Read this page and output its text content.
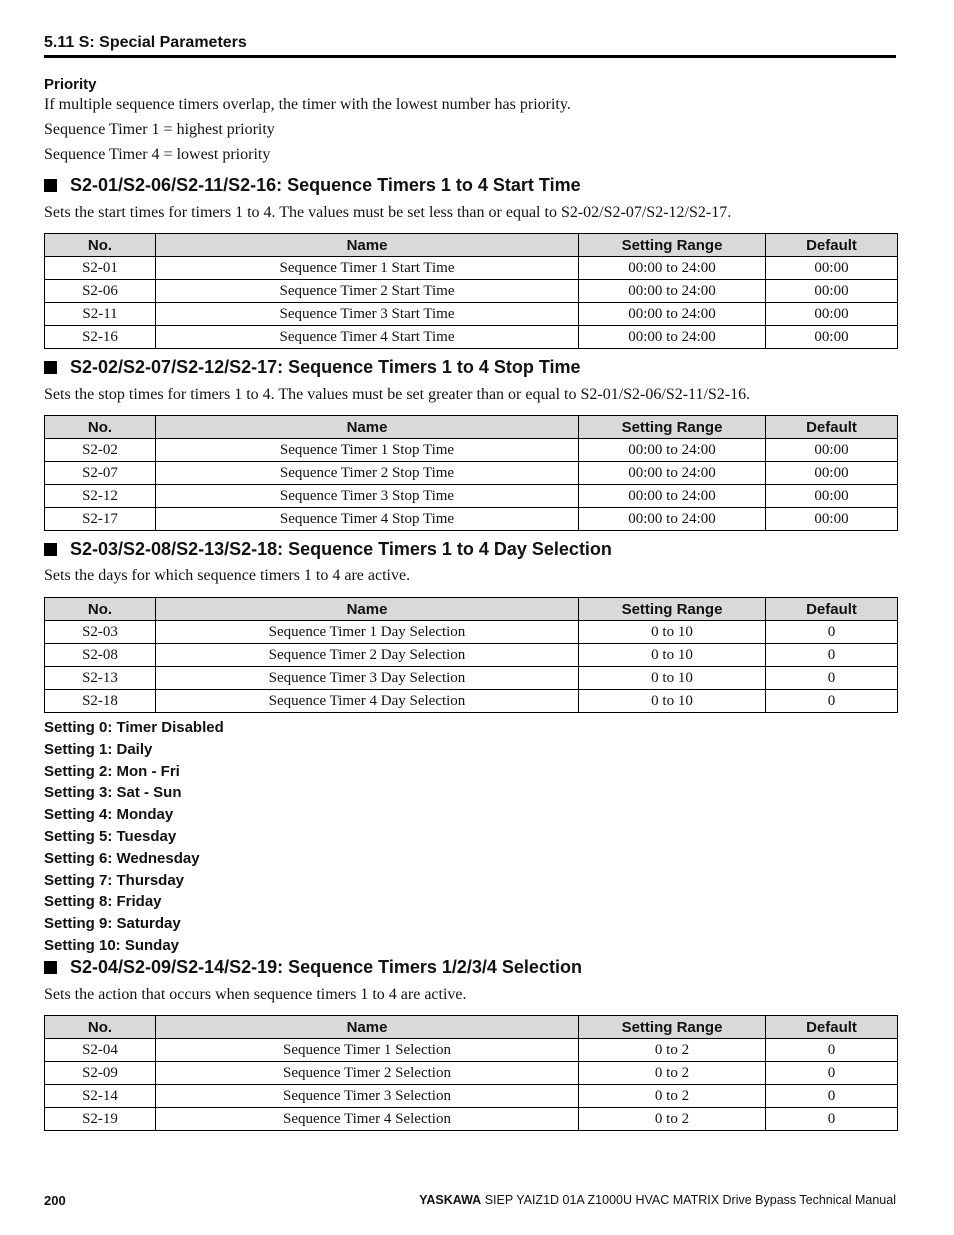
5.11 S: Special Parameters
Priority
If multiple sequence timers overlap, the timer with the lowest number has priority.
Sequence Timer 1 = highest priority
Sequence Timer 4 = lowest priority
S2-01/S2-06/S2-11/S2-16: Sequence Timers 1 to 4 Start Time
Sets the start times for timers 1 to 4. The values must be set less than or equal to S2-02/S2-07/S2-12/S2-17.
No.	Name	Setting Range	Default
S2-01	Sequence Timer 1 Start Time	00:00 to 24:00	00:00
S2-06	Sequence Timer 2 Start Time	00:00 to 24:00	00:00
S2-11	Sequence Timer 3 Start Time	00:00 to 24:00	00:00
S2-16	Sequence Timer 4 Start Time	00:00 to 24:00	00:00
S2-02/S2-07/S2-12/S2-17: Sequence Timers 1 to 4 Stop Time
Sets the stop times for timers 1 to 4. The values must be set greater than or equal to S2-01/S2-06/S2-11/S2-16.
No.	Name	Setting Range	Default
S2-02	Sequence Timer 1 Stop Time	00:00 to 24:00	00:00
S2-07	Sequence Timer 2 Stop Time	00:00 to 24:00	00:00
S2-12	Sequence Timer 3 Stop Time	00:00 to 24:00	00:00
S2-17	Sequence Timer 4 Stop Time	00:00 to 24:00	00:00
S2-03/S2-08/S2-13/S2-18: Sequence Timers 1 to 4 Day Selection
Sets the days for which sequence timers 1 to 4 are active.
No.	Name	Setting Range	Default
S2-03	Sequence Timer 1 Day Selection	0 to 10	0
S2-08	Sequence Timer 2 Day Selection	0 to 10	0
S2-13	Sequence Timer 3 Day Selection	0 to 10	0
S2-18	Sequence Timer 4 Day Selection	0 to 10	0
Setting 0: Timer Disabled
Setting 1: Daily
Setting 2: Mon - Fri
Setting 3: Sat - Sun
Setting 4: Monday
Setting 5: Tuesday
Setting 6: Wednesday
Setting 7: Thursday
Setting 8: Friday
Setting 9: Saturday
Setting 10: Sunday
S2-04/S2-09/S2-14/S2-19: Sequence Timers 1/2/3/4 Selection
Sets the action that occurs when sequence timers 1 to 4 are active.
No.	Name	Setting Range	Default
S2-04	Sequence Timer 1 Selection	0 to 2	0
S2-09	Sequence Timer 2 Selection	0 to 2	0
S2-14	Sequence Timer 3 Selection	0 to 2	0
S2-19	Sequence Timer 4 Selection	0 to 2	0
200	YASKAWA SIEP YAIZ1D 01A Z1000U HVAC MATRIX Drive Bypass Technical Manual
